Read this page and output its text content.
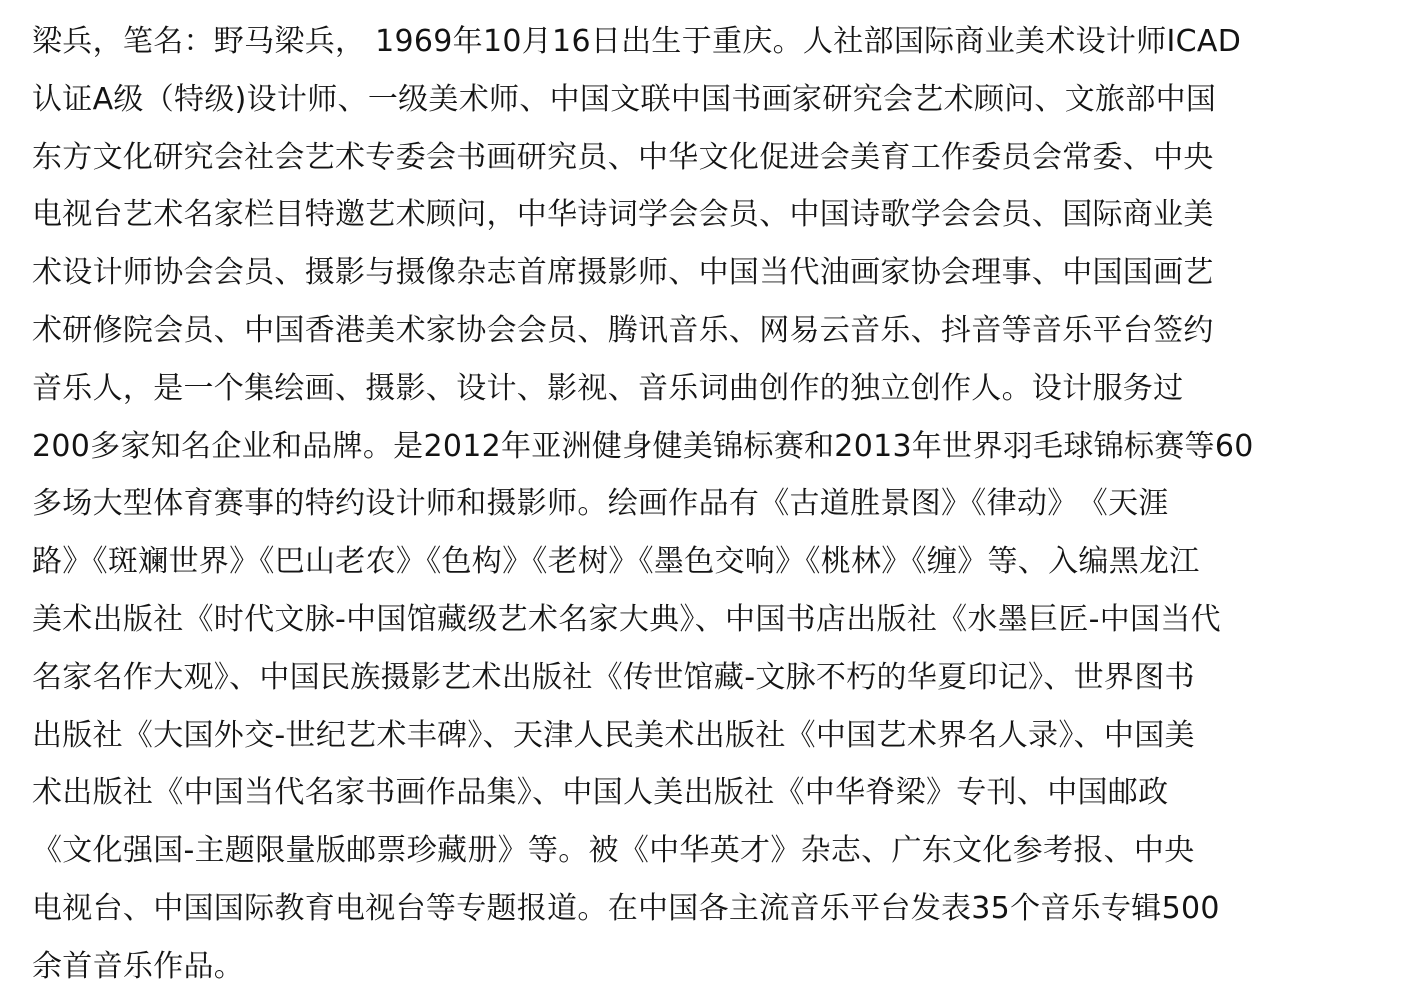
梁兵，笔名：野马梁兵， 1969年10月16日出生于重庆。人社部国际商业美术设计师ICAD
认证A级（特级)设计师、一级美术师、中国文联中国书画家研究会艺术顾问、文旅部中国
东方文化研究会社会艺术专委会书画研究员、中华文化促进会美育工作委员会常委、中央
电视台艺术名家栏目特邀艺术顾问，中华诗词学会会员、中国诗歌学会会员、国际商业美
术设计师协会会员、摄影与摄像杂志首席摄影师、中国当代油画家协会理事、中国国画艺
术研修院会员、中国香港美术家协会会员、腾讯音乐、网易云音乐、抖音等音乐平台签约
音乐人，是一个集绘画、摄影、设计、影视、音乐词曲创作的独立创作人。设计服务过
200多家知名企业和品牌。是2012年亚洲健身健美锦标赛和2013年世界羽毛球锦标赛等60
多场大型体育赛事的特约设计师和摄影师。绘画作品有《古道胜景图》《律动》　《天涯
路》《斑斓世界》《巴山老农》《色构》《老树》《墨色交响》《桃林》《缠》等、入编黑龙江
美术出版社《时代文脉-中国馆藏级艺术名家大典》、中国书店出版社《水墨巨匠-中国当代
名家名作大观》、中国民族摄影艺术出版社《传世馆藏-文脉不朽的华夏印记》、世界图书
出版社《大国外交-世纪艺术丰碑》、天津人民美术出版社《中国艺术界名人录》、中国美
术出版社《中国当代名家书画作品集》、中国人美出版社《中华脊梁》专刊、中国邮政
《文化强国-主题限量版邮票珍藏册》等。被《中华英才》杂志、广东文化参考报、中央
电视台、中国国际教育电视台等专题报道。在中国各主流音乐平台发表35个音乐专辑500
余首音乐作品。
